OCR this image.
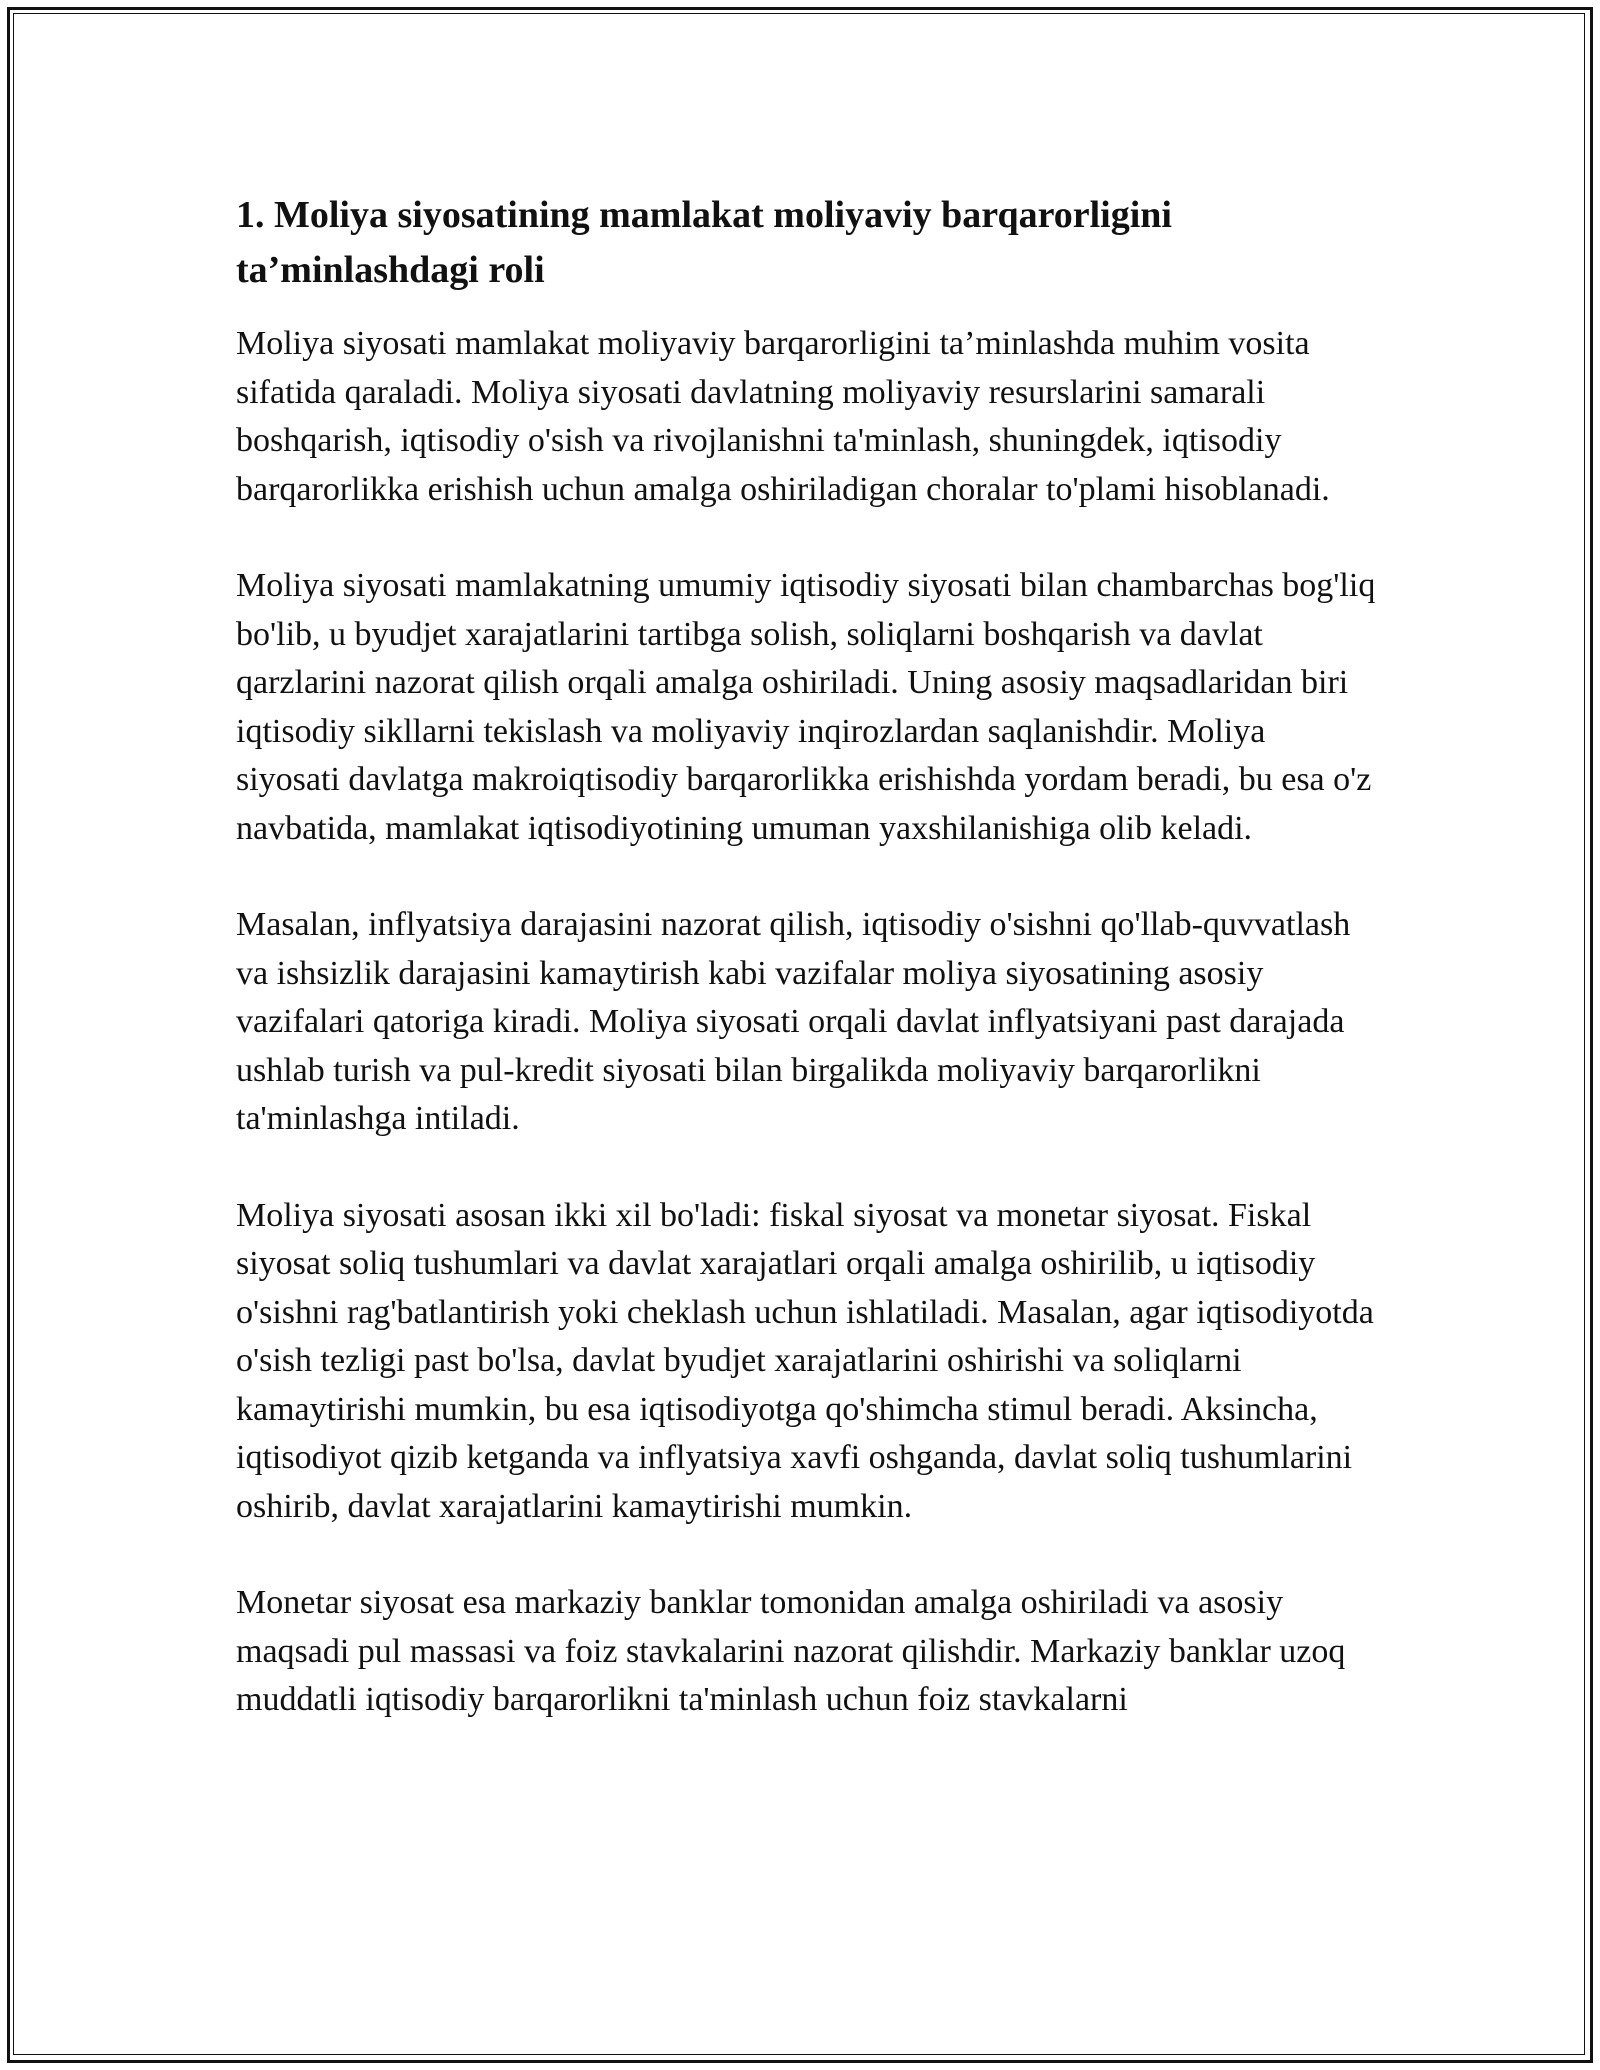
1. Moliya siyosatining mamlakat moliyaviy barqarorligini ta’minlashdagi roli

Moliya siyosati mamlakat moliyaviy barqarorligini ta’minlashda muhim vosita sifatida qaraladi. Moliya siyosati davlatning moliyaviy resurslarini samarali boshqarish, iqtisodiy o'sish va rivojlanishni ta'minlash, shuningdek, iqtisodiy barqarorlikka erishish uchun amalga oshiriladigan choralar to'plami hisoblanadi.

Moliya siyosati mamlakatning umumiy iqtisodiy siyosati bilan chambarchas bog'liq bo'lib, u byudjet xarajatlarini tartibga solish, soliqlarni boshqarish va davlat qarzlarini nazorat qilish orqali amalga oshiriladi. Uning asosiy maqsadlaridan biri iqtisodiy sikllarni tekislash va moliyaviy inqirozlardan saqlanishdir. Moliya siyosati davlatga makroiqtisodiy barqarorlikka erishishda yordam beradi, bu esa o'z navbatida, mamlakat iqtisodiyotining umuman yaxshilanishiga olib keladi.

Masalan, inflyatsiya darajasini nazorat qilish, iqtisodiy o'sishni qo'llab-quvvatlash va ishsizlik darajasini kamaytirish kabi vazifalar moliya siyosatining asosiy vazifalari qatoriga kiradi. Moliya siyosati orqali davlat inflyatsiyani past darajada ushlab turish va pul-kredit siyosati bilan birgalikda moliyaviy barqarorlikni ta'minlashga intiladi.

Moliya siyosati asosan ikki xil bo'ladi: fiskal siyosat va monetar siyosat. Fiskal siyosat soliq tushumlari va davlat xarajatlari orqali amalga oshirilib, u iqtisodiy o'sishni rag'batlantirish yoki cheklash uchun ishlatiladi. Masalan, agar iqtisodiyotda o'sish tezligi past bo'lsa, davlat byudjet xarajatlarini oshirishi va soliqlarni kamaytirishi mumkin, bu esa iqtisodiyotga qo'shimcha stimul beradi. Aksincha, iqtisodiyot qizib ketganda va inflyatsiya xavfi oshganda, davlat soliq tushumlarini oshirib, davlat xarajatlarini kamaytirishi mumkin.

Monetar siyosat esa markaziy banklar tomonidan amalga oshiriladi va asosiy maqsadi pul massasi va foiz stavkalarini nazorat qilishdir. Markaziy banklar uzoq muddatli iqtisodiy barqarorlikni ta'minlash uchun foiz stavkalarni
